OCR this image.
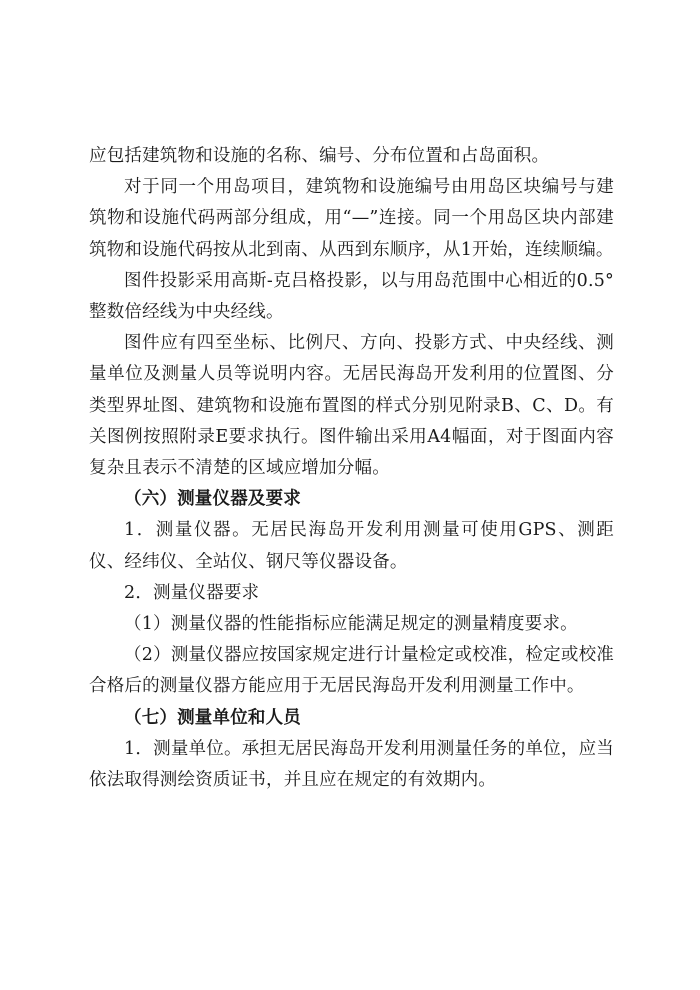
应包括建筑物和设施的名称、编号、分布位置和占岛面积。

对于同一个用岛项目，建筑物和设施编号由用岛区块编号与建筑物和设施代码两部分组成，用“—”连接。同一个用岛区块内部建筑物和设施代码按从北到南、从西到东顺序，从1开始，连续顺编。

图件投影采用高斯-克吕格投影，以与用岛范围中心相近的0.5°整数倍经线为中央经线。

图件应有四至坐标、比例尺、方向、投影方式、中央经线、测量单位及测量人员等说明内容。无居民海岛开发利用的位置图、分类型界址图、建筑物和设施布置图的样式分别见附录B、C、D。有关图例按照附录E要求执行。图件输出采用A4幅面，对于图面内容复杂且表示不清楚的区域应增加分幅。

（六）测量仪器及要求

1．测量仪器。无居民海岛开发利用测量可使用GPS、测距仪、经纬仪、全站仪、钢尺等仪器设备。

2．测量仪器要求

（1）测量仪器的性能指标应能满足规定的测量精度要求。

（2）测量仪器应按国家规定进行计量检定或校准，检定或校准合格后的测量仪器方能应用于无居民海岛开发利用测量工作中。

（七）测量单位和人员

1．测量单位。承担无居民海岛开发利用测量任务的单位，应当依法取得测绘资质证书，并且应在规定的有效期内。
